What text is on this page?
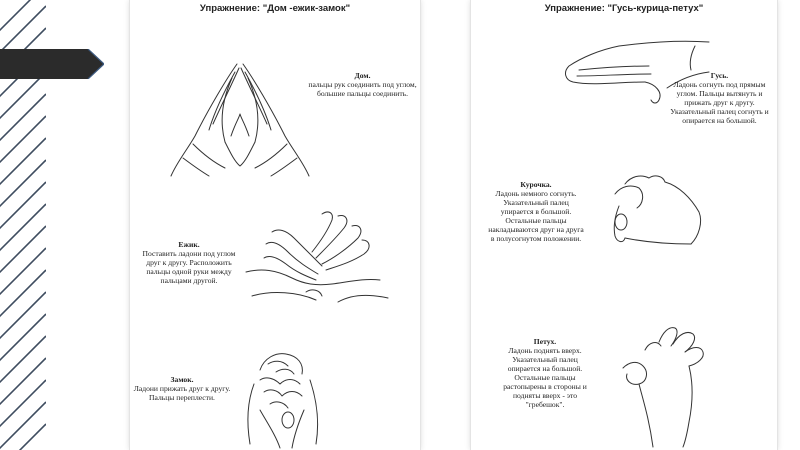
Упражнение: "Дом -ежик-замок"
Дом.
пальцы рук соединить под углом,
большие пальцы соединить.
Ежик.
Поставить ладони под углом
друг к другу. Расположить
пальцы одной руки между
пальцами другой.
Замок.
Ладони прижать друг к другу.
Пальцы переплести.
Упражнение: "Гусь-курица-петух"
Гусь.
Ладонь согнуть под прямым
углом. Пальцы вытянуть и
прижать друг к другу.
Указательный палец согнуть и
опирается на большой.
Курочка.
Ладонь немного согнуть.
Указательный палец
упирается в большой.
Остальные пальцы
накладываются друг на друга
в полусогнутом положении.
Петух.
Ладонь поднять вверх.
Указательный палец
опирается на большой.
Остальные пальцы
растопырены в стороны и
подняты вверх - это
"гребешок".
